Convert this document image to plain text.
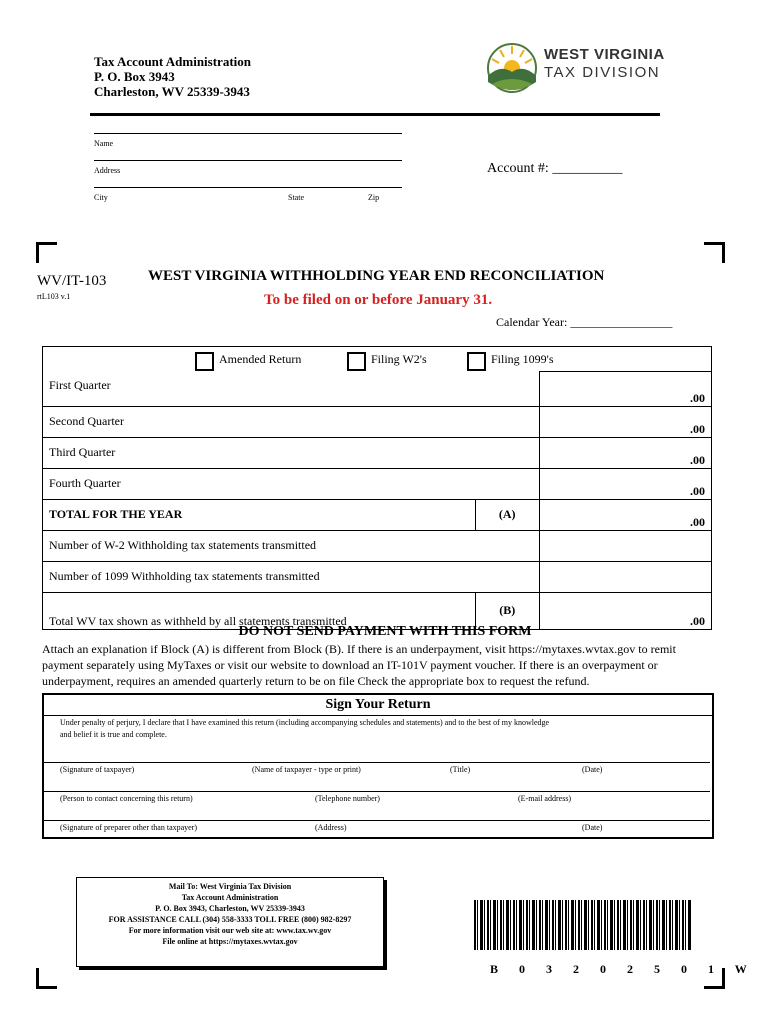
Tax Account Administration
P. O. Box 3943
Charleston, WV 25339-3943
WEST VIRGINIA
TAX DIVISION
Name
Address
City	State	Zip
Account #: __________
WV/IT-103
rtL103 v.1
WEST VIRGINIA WITHHOLDING YEAR END RECONCILIATION
To be filed on or before January 31.
Calendar Year: _________________
Amended Return Filing W2's Filing 1099's		

First Quarter		.00
Second Quarter		.00
Third Quarter		.00
Fourth Quarter		.00
TOTAL FOR THE YEAR	(A)	.00
Number of W-2 Withholding tax statements transmitted		
Number of 1099 Withholding tax statements transmitted		
Total WV tax shown as withheld by all statements transmitted	(B)	.00
DO NOT SEND PAYMENT WITH THIS FORM
Attach an explanation if Block (A) is different from Block (B). If there is an underpayment, visit https://mytaxes.wvtax.gov to remit
payment separately using MyTaxes or visit our website to download an IT-101V payment voucher. If there is an overpayment or
underpayment, requires an amended quarterly return to be on file Check the appropriate box to request the refund.
Sign Your Return
Under penalty of perjury, I declare that I have examined this return (including accompanying schedules and statements) and to the best of my knowledge
and belief it is true and complete.
(Signature of taxpayer)	(Name of taxpayer - type or print)	(Title)	(Date)
(Person to contact concerning this return)	(Telephone number)	(E-mail address)
(Signature of preparer other than taxpayer)	(Address)	(Date)
Mail To: West Virginia Tax Division
Tax Account Administration
P. O. Box 3943, Charleston, WV 25339-3943
FOR ASSISTANCE CALL (304) 558-3333 TOLL FREE (800) 982-8297
For more information visit our web site at: www.tax.wv.gov
File online at https://mytaxes.wvtax.gov
B 0 3 2 0 2 5 0 1 W
